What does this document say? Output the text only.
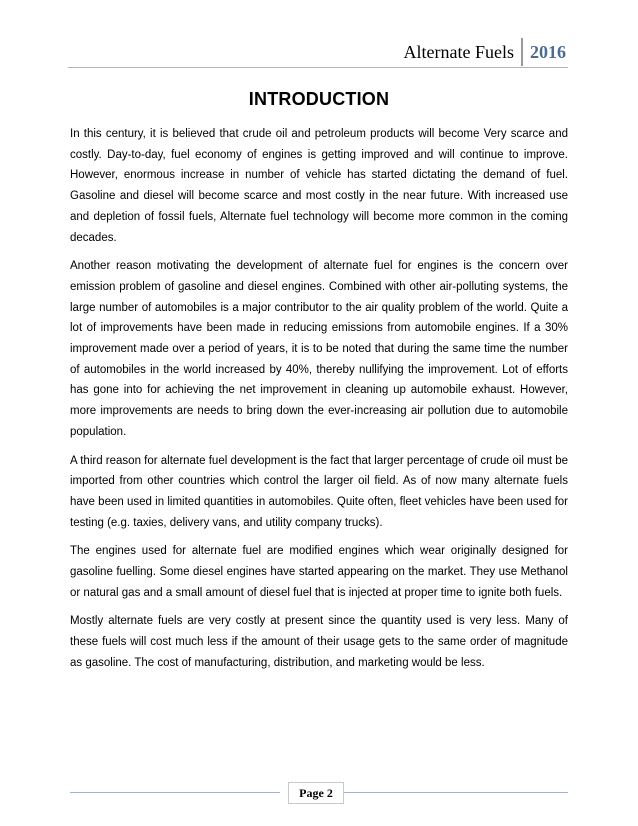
Alternate Fuels 2016
INTRODUCTION

In this century, it is believed that crude oil and petroleum products will become Very scarce and costly. Day-to-day, fuel economy of engines is getting improved and will continue to improve. However, enormous increase in number of vehicle has started dictating the demand of fuel. Gasoline and diesel will become scarce and most costly in the near future. With increased use and depletion of fossil fuels, Alternate fuel technology will become more common in the coming decades.

Another reason motivating the development of alternate fuel for engines is the concern over emission problem of gasoline and diesel engines. Combined with other air-polluting systems, the large number of automobiles is a major contributor to the air quality problem of the world. Quite a lot of improvements have been made in reducing emissions from automobile engines. If a 30% improvement made over a period of years, it is to be noted that during the same time the number of automobiles in the world increased by 40%, thereby nullifying the improvement. Lot of efforts has gone into for achieving the net improvement in cleaning up automobile exhaust. However, more improvements are needs to bring down the ever-increasing air pollution due to automobile population.

A third reason for alternate fuel development is the fact that larger percentage of crude oil must be imported from other countries which control the larger oil field. As of now many alternate fuels have been used in limited quantities in automobiles. Quite often, fleet vehicles have been used for testing (e.g. taxies, delivery vans, and utility company trucks).

The engines used for alternate fuel are modified engines which wear originally designed for gasoline fuelling. Some diesel engines have started appearing on the market. They use Methanol or natural gas and a small amount of diesel fuel that is injected at proper time to ignite both fuels.

Mostly alternate fuels are very costly at present since the quantity used is very less. Many of these fuels will cost much less if the amount of their usage gets to the same order of magnitude as gasoline. The cost of manufacturing, distribution, and marketing would be less.

Page 2
